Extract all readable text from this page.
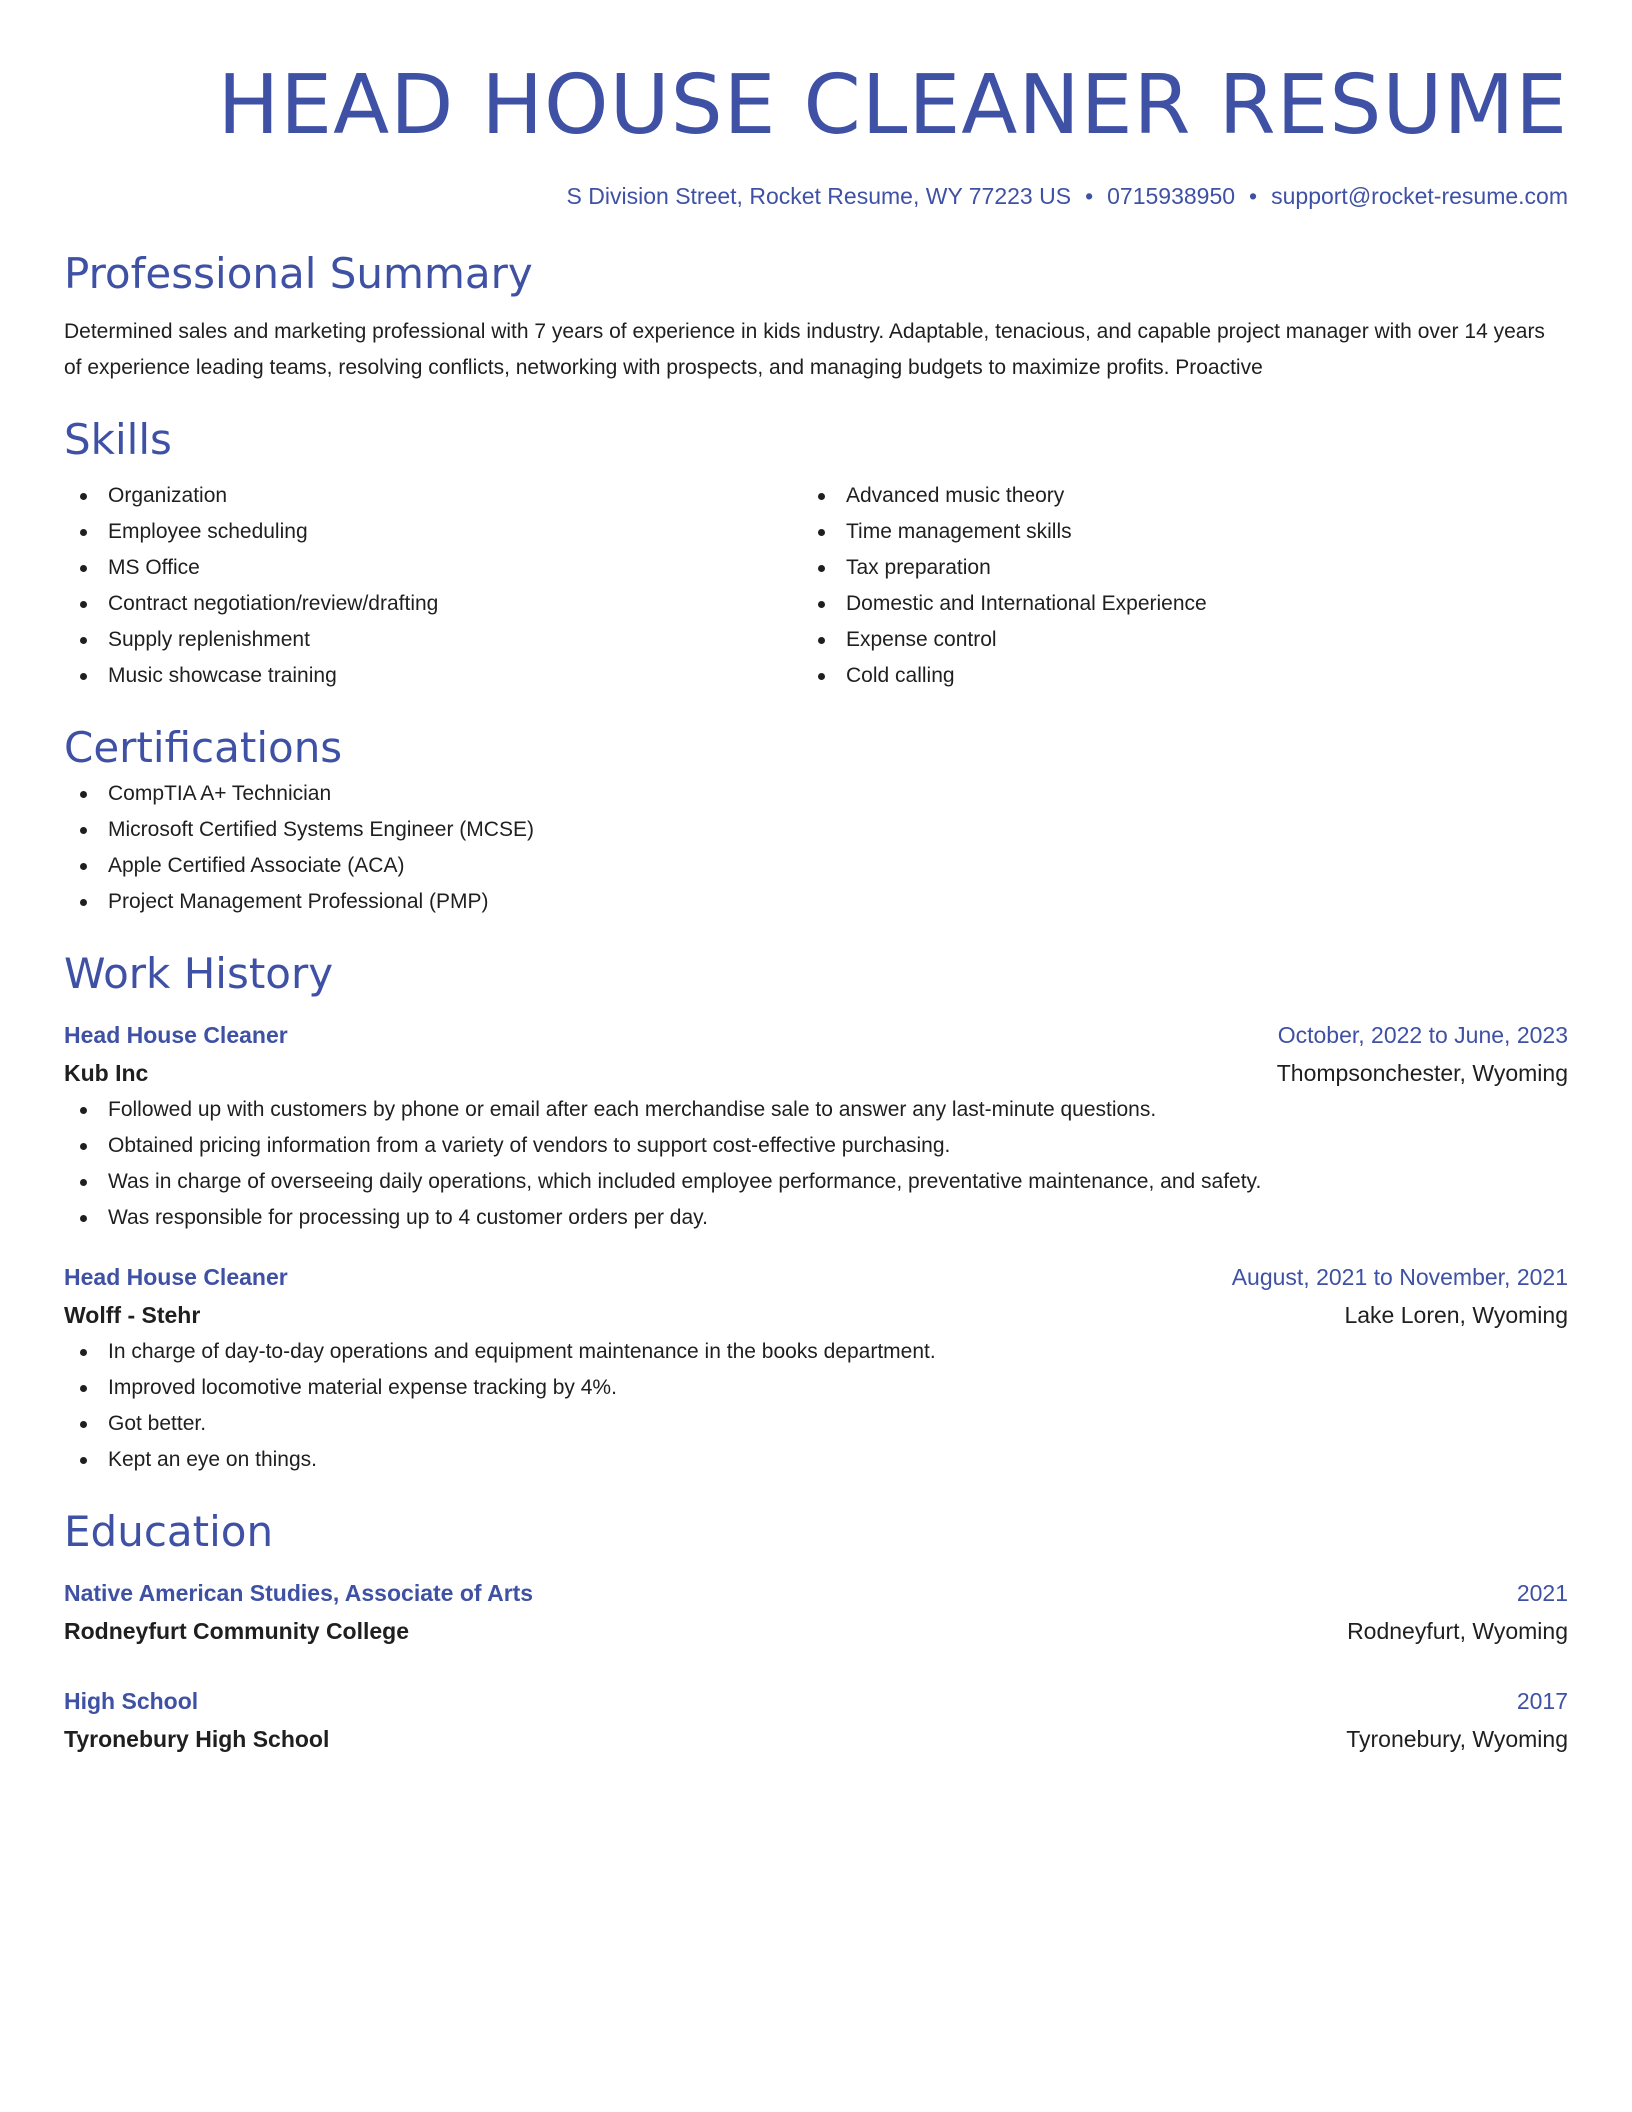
HEAD HOUSE CLEANER RESUME
S Division Street, Rocket Resume, WY 77223 US • 0715938950 • support@rocket-resume.com
Professional Summary

Determined sales and marketing professional with 7 years of experience in kids industry. Adaptable, tenacious, and capable project manager with over 14 years of experience leading teams, resolving conflicts, networking with prospects, and managing budgets to maximize profits. Proactive

Skills
Organization
Employee scheduling
MS Office
Contract negotiation/review/drafting
Supply replenishment
Music showcase training
Advanced music theory
Time management skills
Tax preparation
Domestic and International Experience
Expense control
Cold calling
Certifications
CompTIA A+ Technician
Microsoft Certified Systems Engineer (MCSE)
Apple Certified Associate (ACA)
Project Management Professional (PMP)
Work History
Head House Cleaner	October, 2022 to June, 2023
Kub Inc	Thompsonchester, Wyoming
Followed up with customers by phone or email after each merchandise sale to answer any last-minute questions.
Obtained pricing information from a variety of vendors to support cost-effective purchasing.
Was in charge of overseeing daily operations, which included employee performance, preventative maintenance, and safety.
Was responsible for processing up to 4 customer orders per day.
Head House Cleaner	August, 2021 to November, 2021
Wolff - Stehr	Lake Loren, Wyoming
In charge of day-to-day operations and equipment maintenance in the books department.
Improved locomotive material expense tracking by 4%.
Got better.
Kept an eye on things.
Education
Native American Studies, Associate of Arts	2021
Rodneyfurt Community College	Rodneyfurt, Wyoming
High School	2017
Tyronebury High School	Tyronebury, Wyoming
